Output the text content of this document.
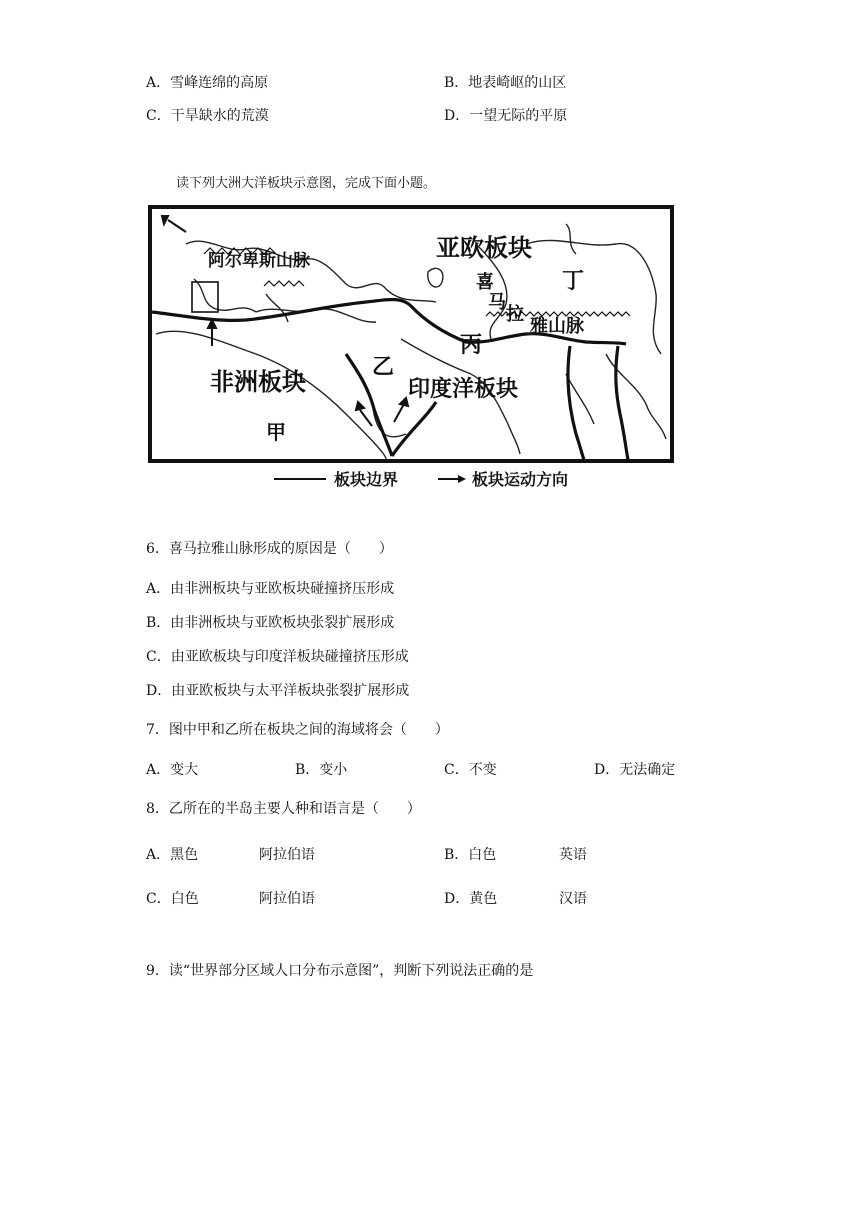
A．雪峰连绵的高原	B．地表崎岖的山区
C．干旱缺水的荒漠	D．一望无际的平原
读下列大洲大洋板块示意图，完成下面小题。
阿尔卑斯山脉	亚欧板块
非洲板块	印度洋板块
甲
乙
丙
丁
喜
马
拉
雅山脉
板块边界	板块运动方向
6．喜马拉雅山脉形成的原因是（　　）
A．由非洲板块与亚欧板块碰撞挤压形成
B．由非洲板块与亚欧板块张裂扩展形成
C．由亚欧板块与印度洋板块碰撞挤压形成
D．由亚欧板块与太平洋板块张裂扩展形成
7．图中甲和乙所在板块之间的海域将会（　　）
A．变大	B．变小	C．不变	D．无法确定
8．乙所在的半岛主要人种和语言是（　　）
A．黑色	阿拉伯语	B．白色	英语
C．白色	阿拉伯语	D．黄色	汉语
9．读“世界部分区域人口分布示意图”，判断下列说法正确的是
